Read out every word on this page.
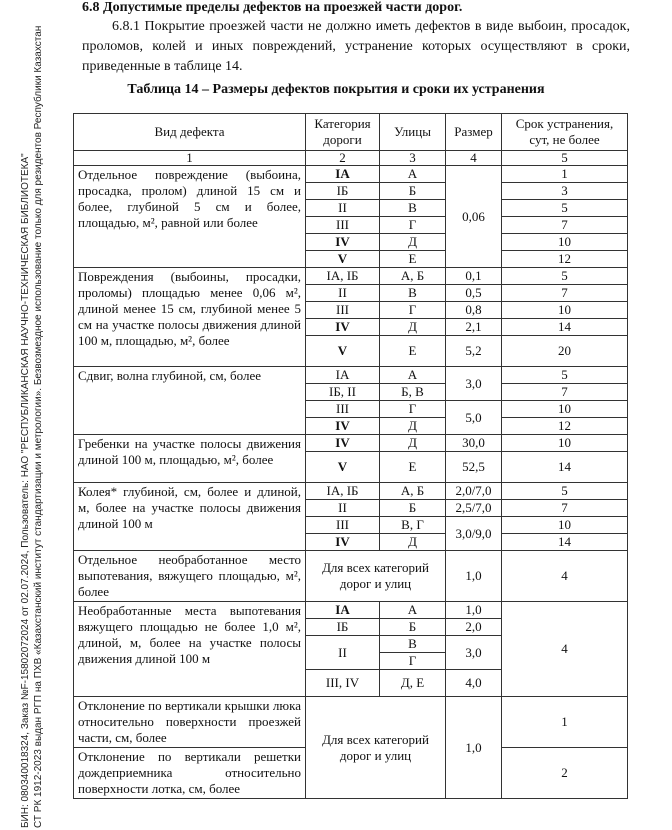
БИН: 080340018324, Заказ №F-15802072024 от 02.07.2024, Пользователь: НАО "РЕСПУБЛИКАНСКАЯ НАУЧНО-ТЕХНИЧЕСКАЯ БИБЛИОТЕКА" СТ РК 1912-2023 выдан РГП на ПХВ «Казахстанский институт стандартизации и метрологии». Безвозмездное использование только для резидентов Республики Казахстан
6.8 Допустимые пределы дефектов на проезжей части дорог.
6.8.1 Покрытие проезжей части не должно иметь дефектов в виде выбоин, просадок, проломов, колей и иных повреждений, устранение которых осуществляют в сроки, приведенные в таблице 14.
Таблица 14 – Размеры дефектов покрытия и сроки их устранения
Вид дефекта	Категория дороги	Улицы	Размер	Срок устранения, сут, не более
1	2	3	4	5
Отдельное повреждение (выбоина, просадка, пролом) длиной 15 см и более, глубиной 5 см и более, площадью, м², равной или более	IA	А	0,06	1
	IБ	Б		3
	II	В		5
	III	Г		7
	IV	Д		10
	V	Е		12
Повреждения (выбоины, просадки, проломы) площадью менее 0,06 м², длиной менее 15 см, глубиной менее 5 см на участке полосы движения длиной 100 м, площадью, м², более	IA, IБ	А, Б	0,1	5
	II	В	0,5	7
	III	Г	0,8	10
	IV	Д	2,1	14
	V	Е	5,2	20
Сдвиг, волна глубиной, см, более	IA	А	3,0	5
	IБ, II	Б, В		7
	III	Г	5,0	10
	IV	Д		12
Гребенки на участке полосы движения длиной 100 м, площадью, м², более	IV	Д	30,0	10
	V	Е	52,5	14
Колея* глубиной, см, более и длиной, м, более на участке полосы движения длиной 100 м	IA, IБ	А, Б	2,0/7,0	5
	II	Б	2,5/7,0	7
	III	В, Г	3,0/9,0	10
	IV	Д		14
Отдельное необработанное место выпотевания, вяжущего площадью, м², более	Для всех категорий дорог и улиц		1,0	4
Необработанные места выпотевания вяжущего площадью не более 1,0 м², длиной, м, более на участке полосы движения длиной 100 м	IA	А	1,0	4
	IБ	Б	2,0	
	II	В	3,0	
		Г		
	III, IV	Д, Е	4,0	
Отклонение по вертикали крышки люка относительно поверхности проезжей части, см, более	Для всех категорий дорог и улиц		1,0	1
Отклонение по вертикали решетки дождеприемника относительно поверхности лотка, см, более				2
